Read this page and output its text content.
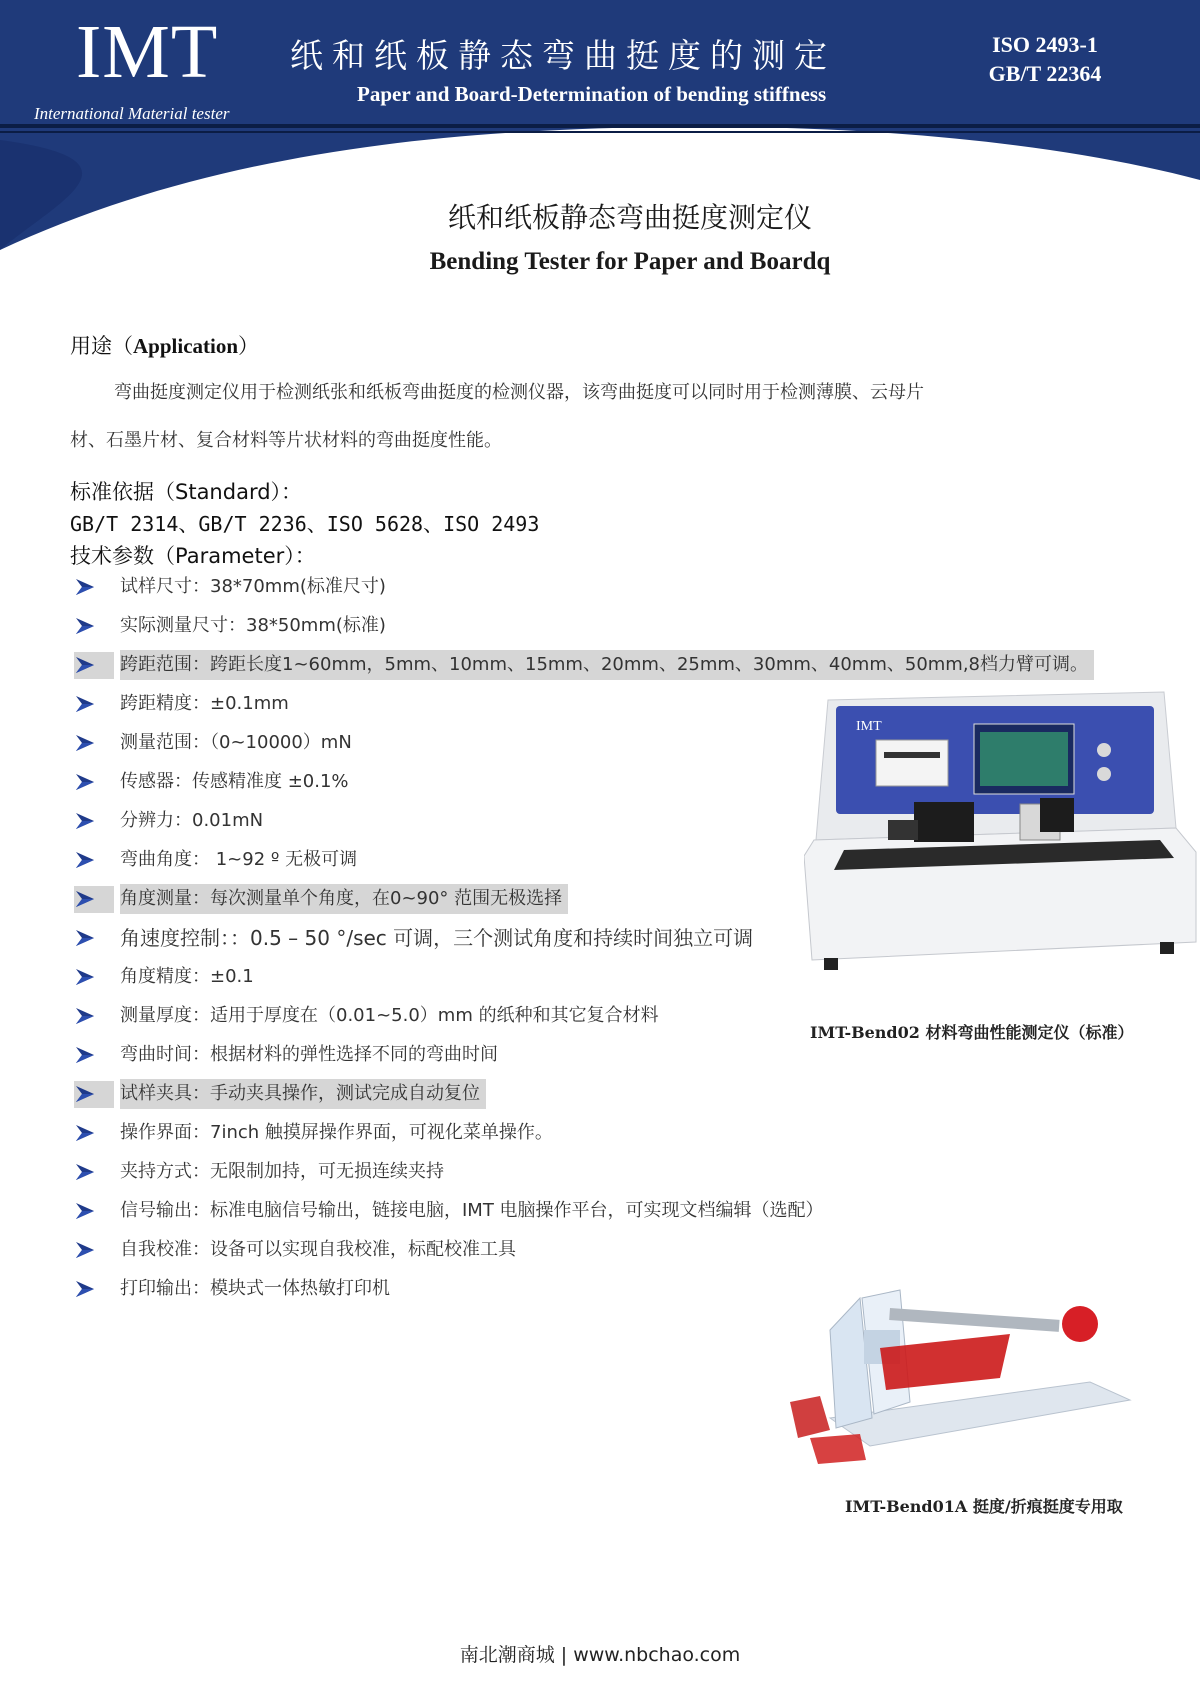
IMT
International Material tester
纸和纸板静态弯曲挺度的测定
Paper and Board-Determination of bending stiffness
ISO 2493-1
GB/T 22364
纸和纸板静态弯曲挺度测定仪
Bending Tester for Paper and Boardq
用途（Application）
弯曲挺度测定仪用于检测纸张和纸板弯曲挺度的检测仪器，该弯曲挺度可以同时用于检测薄膜、云母片
材、石墨片材、复合材料等片状材料的弯曲挺度性能。
标准依据（Standard）：
GB/T 2314、GB/T 2236、ISO 5628、ISO 2493
技术参数（Parameter）：
试样尺寸：38*70mm(标准尺寸)
实际测量尺寸：38*50mm(标准)
跨距范围：跨距长度1~60mm，5mm、10mm、15mm、20mm、25mm、30mm、40mm、50mm,8档力臂可调。
跨距精度：±0.1mm
测量范围：（0~10000）mN
传感器：传感精准度 ±0.1%
分辨力：0.01mN
弯曲角度： 1~92 º 无极可调
角度测量：每次测量单个角度，在0~90° 范围无极选择
角速度控制：：0.5 – 50 °/sec 可调，三个测试角度和持续时间独立可调
角度精度：±0.1
测量厚度：适用于厚度在（0.01~5.0）mm 的纸种和其它复合材料
弯曲时间：根据材料的弹性选择不同的弯曲时间
试样夹具：手动夹具操作，测试完成自动复位
操作界面：7inch 触摸屏操作界面，可视化菜单操作。
夹持方式：无限制加持，可无损连续夹持
信号输出：标准电脑信号输出，链接电脑，IMT 电脑操作平台，可实现文档编辑（选配）
自我校准：设备可以实现自我校准，标配校准工具
打印输出：模块式一体热敏打印机
IMT
IMT-Bend02 材料弯曲性能测定仪（标准）
IMT-Bend01A 挺度/折痕挺度专用取
南北潮商城 | www.nbchao.com
